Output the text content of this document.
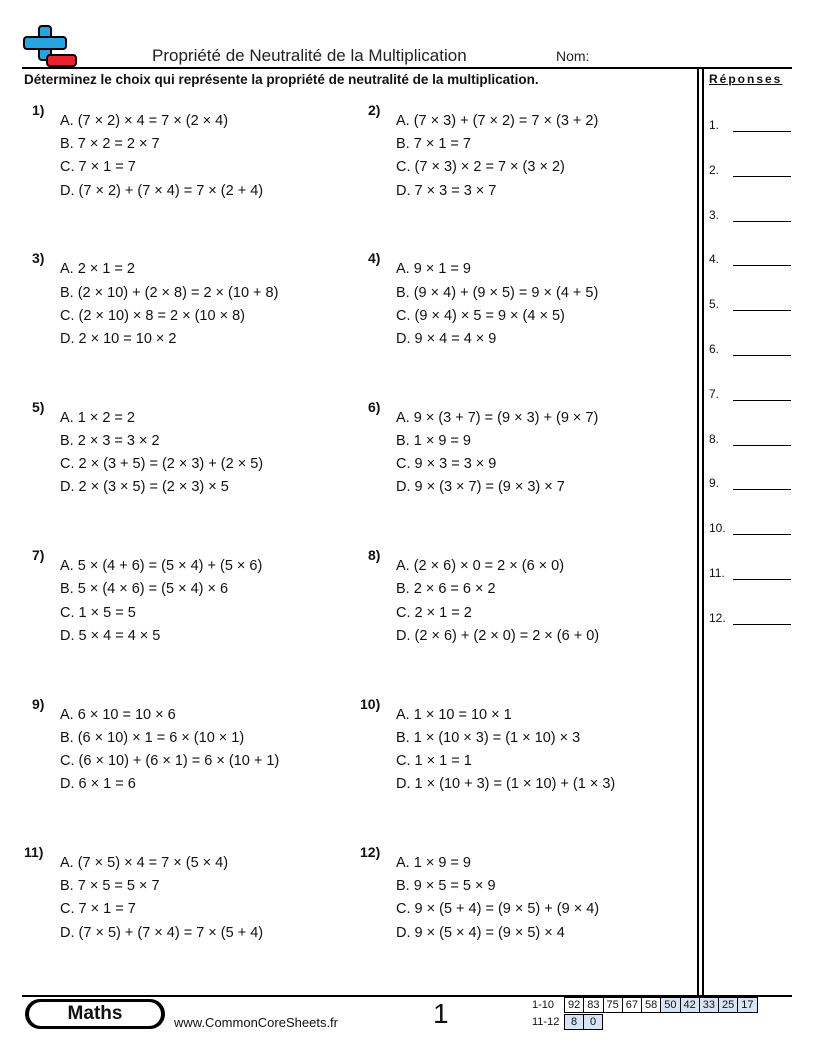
Propriété de Neutralité de la Multiplication	Nom:
Déterminez le choix qui représente la propriété de neutralité de la multiplication.	Réponses
1.
2.
3.
4.
5.
6.
7.
8.
9.
10.
11.
12.
1)
A. (7 × 2) × 4 = 7 × (2 × 4)
B. 7 × 2 = 2 × 7
C. 7 × 1 = 7
D. (7 × 2) + (7 × 4) = 7 × (2 + 4)
2)
A. (7 × 3) + (7 × 2) = 7 × (3 + 2)
B. 7 × 1 = 7
C. (7 × 3) × 2 = 7 × (3 × 2)
D. 7 × 3 = 3 × 7
3)
A. 2 × 1 = 2
B. (2 × 10) + (2 × 8) = 2 × (10 + 8)
C. (2 × 10) × 8 = 2 × (10 × 8)
D. 2 × 10 = 10 × 2
4)
A. 9 × 1 = 9
B. (9 × 4) + (9 × 5) = 9 × (4 + 5)
C. (9 × 4) × 5 = 9 × (4 × 5)
D. 9 × 4 = 4 × 9
5)
A. 1 × 2 = 2
B. 2 × 3 = 3 × 2
C. 2 × (3 + 5) = (2 × 3) + (2 × 5)
D. 2 × (3 × 5) = (2 × 3) × 5
6)
A. 9 × (3 + 7) = (9 × 3) + (9 × 7)
B. 1 × 9 = 9
C. 9 × 3 = 3 × 9
D. 9 × (3 × 7) = (9 × 3) × 7
7)
A. 5 × (4 + 6) = (5 × 4) + (5 × 6)
B. 5 × (4 × 6) = (5 × 4) × 6
C. 1 × 5 = 5
D. 5 × 4 = 4 × 5
8)
A. (2 × 6) × 0 = 2 × (6 × 0)
B. 2 × 6 = 6 × 2
C. 2 × 1 = 2
D. (2 × 6) + (2 × 0) = 2 × (6 + 0)
9)
A. 6 × 10 = 10 × 6
B. (6 × 10) × 1 = 6 × (10 × 1)
C. (6 × 10) + (6 × 1) = 6 × (10 + 1)
D. 6 × 1 = 6
10)
A. 1 × 10 = 10 × 1
B. 1 × (10 × 3) = (1 × 10) × 3
C. 1 × 1 = 1
D. 1 × (10 + 3) = (1 × 10) + (1 × 3)
11)
A. (7 × 5) × 4 = 7 × (5 × 4)
B. 7 × 5 = 5 × 7
C. 7 × 1 = 7
D. (7 × 5) + (7 × 4) = 7 × (5 + 4)
12)
A. 1 × 9 = 9
B. 9 × 5 = 5 × 9
C. 9 × (5 + 4) = (9 × 5) + (9 × 4)
D. 9 × (5 × 4) = (9 × 5) × 4
Maths	www.CommonCoreSheets.fr	1	1-10	92	83	75	67	58	50	42	33	25	17
11-12	8	0
